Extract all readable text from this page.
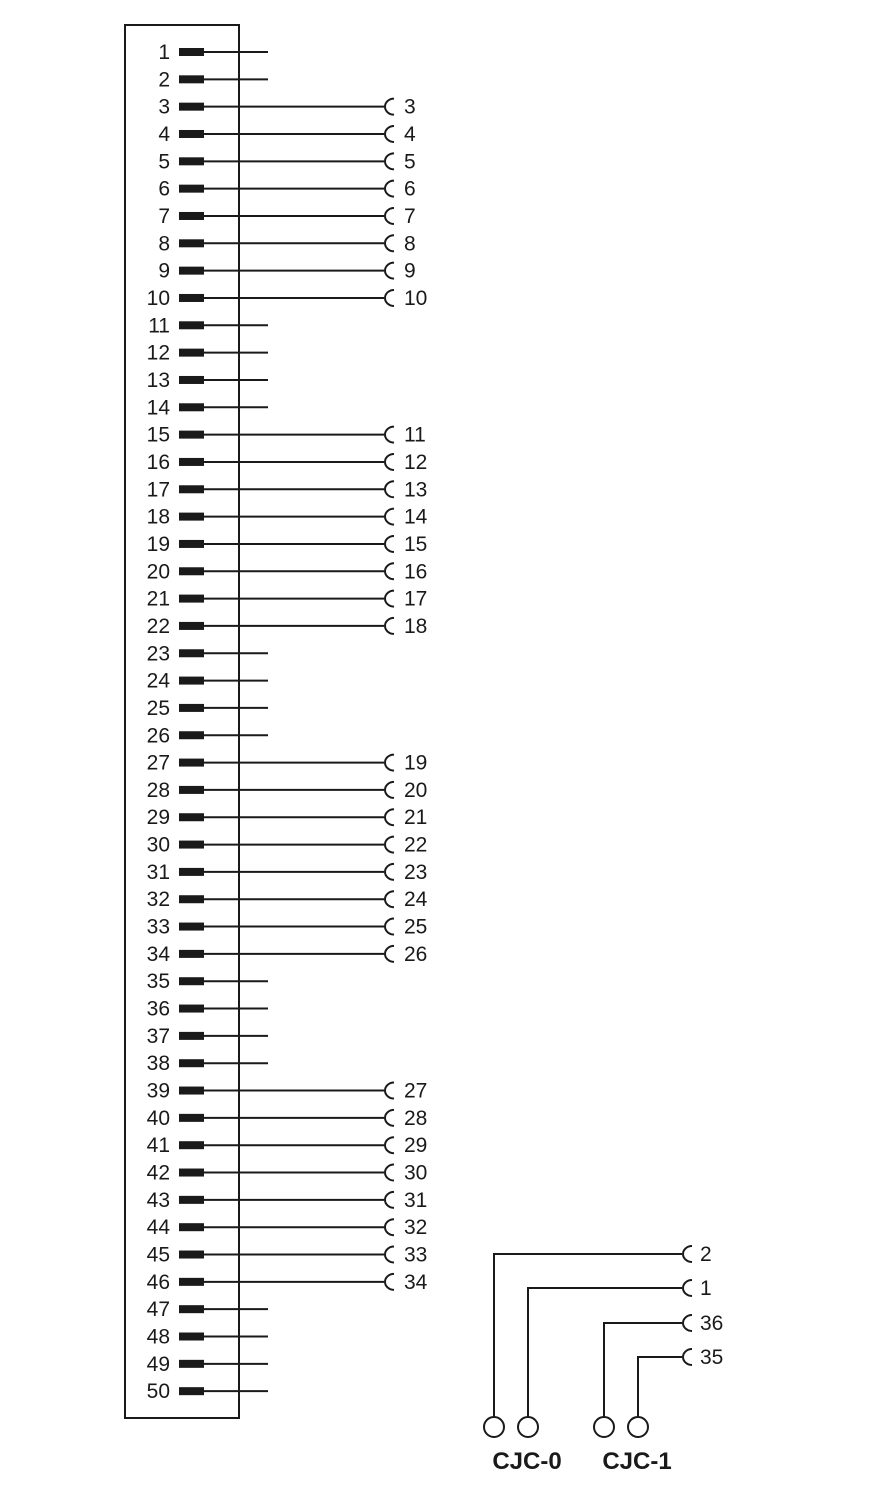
1
2
3	3
4	4
5	5
6	6
7	7
8	8
9	9
10	10
11
12
13
14
15	11
16	12
17	13
18	14
19	15
20	16
21	17
22	18
23
24
25
26
27	19
28	20
29	21
30	22
31	23
32	24
33	25
34	26
35
36
37
38
39	27
40	28
41	29
42	30
43	31
44	32
45	33
46	34
47
48
49
50
2
1
CJC-0
36
35
CJC-1
